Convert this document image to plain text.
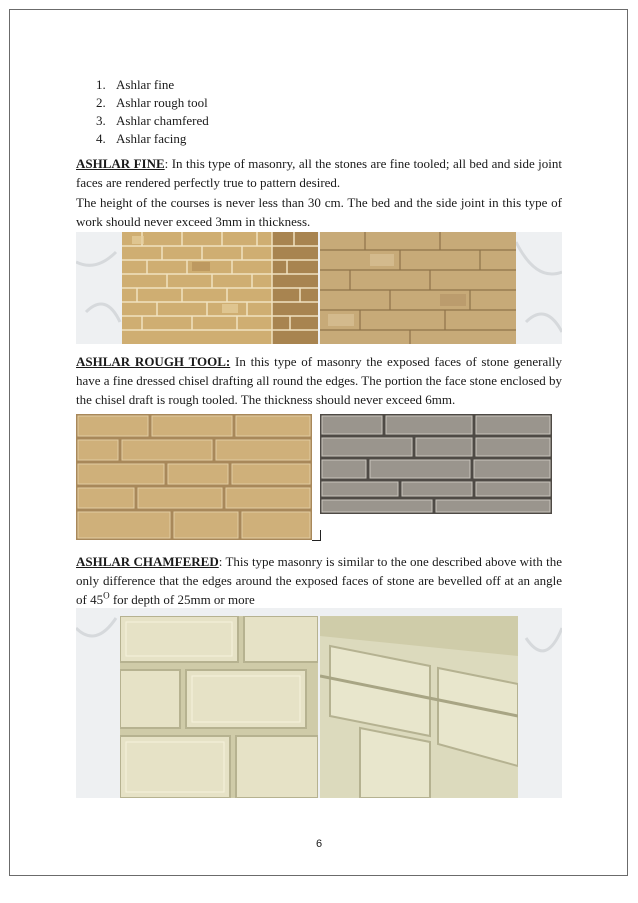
1. Ashlar fine
2. Ashlar rough tool
3. Ashlar chamfered
4. Ashlar facing

ASHLAR FINE: In this type of masonry, all the stones are fine tooled; all bed and side joint faces are rendered perfectly true to pattern desired.

The height of the courses is never less than 30 cm. The bed and the side joint in this type of work should never exceed 3mm in thickness.

ASHLAR ROUGH TOOL: In this type of masonry the exposed faces of stone generally have a fine dressed chisel drafting all round the edges. The portion the face stone enclosed by the chisel draft is rough tooled. The thickness should never exceed 6mm.

ASHLAR CHAMFERED: This type masonry is similar to the one described above with the only difference that the edges around the exposed faces of stone are bevelled off at an angle of $45^O$ for depth of 25mm or more

6
